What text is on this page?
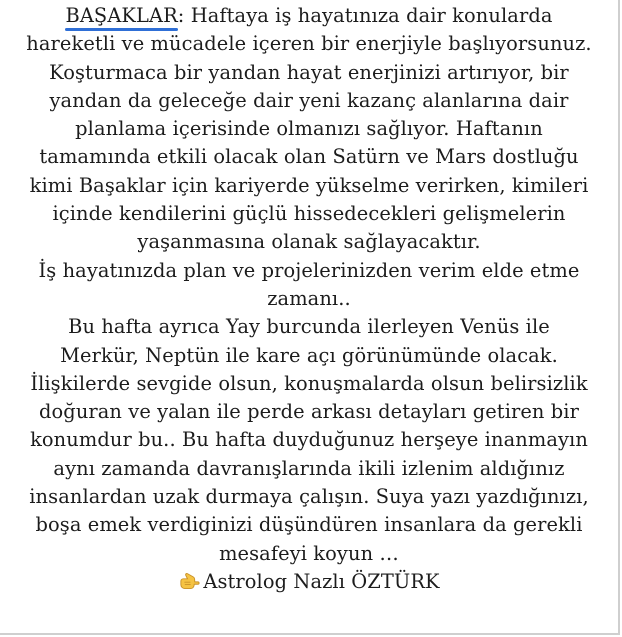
BAŞAKLAR
: Haftaya iş hayatınıza dair konularda
hareketli ve mücadele içeren bir enerjiyle başlıyorsunuz.
Koşturmaca bir yandan hayat enerjinizi artırıyor, bir
yandan da geleceğe dair yeni kazanç alanlarına dair
planlama içerisinde olmanızı sağlıyor. Haftanın
tamamında etkili olacak olan Satürn ve Mars dostluğu
kimi Başaklar için kariyerde yükselme verirken, kimileri
içinde kendilerini güçlü hissedecekleri gelişmelerin
yaşanmasına olanak sağlayacaktır.
İş hayatınızda plan ve projelerinizden verim elde etme
zamanı..
Bu hafta ayrıca Yay burcunda ilerleyen Venüs ile
Merkür, Neptün ile kare açı görünümünde olacak.
İlişkilerde sevgide olsun, konuşmalarda olsun belirsizlik
doğuran ve yalan ile perde arkası detayları getiren bir
konumdur bu.. Bu hafta duyduğunuz herşeye inanmayın
aynı zamanda davranışlarında ikili izlenim aldığınız
insanlardan uzak durmaya çalışın. Suya yazı yazdığınızı,
boşa emek verdiginizi düşündüren insanlara da gerekli
mesafeyi koyun …
Astrolog Nazlı ÖZTÜRK
